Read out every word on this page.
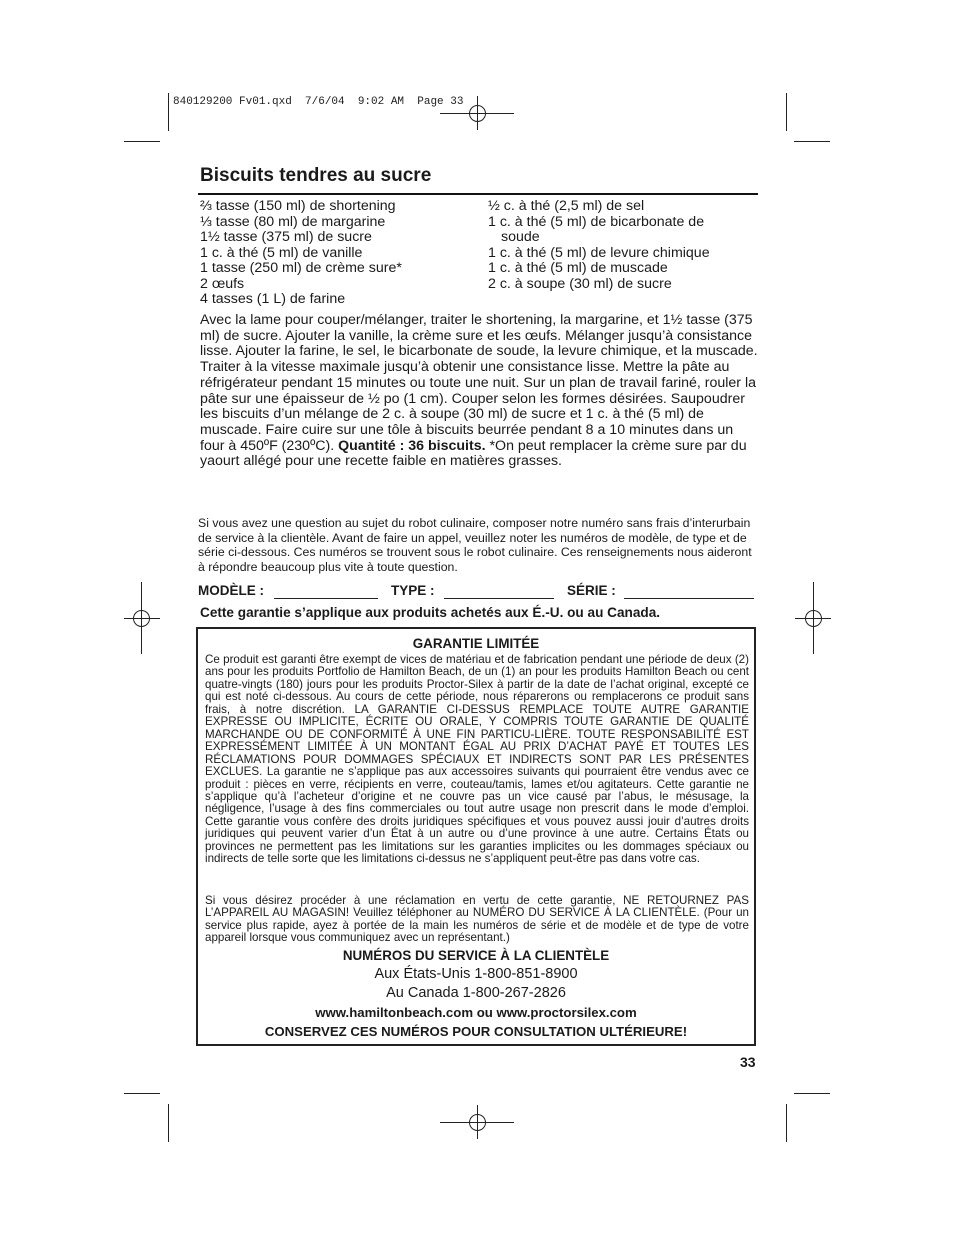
840129200 Fv01.qxd  7/6/04  9:02 AM  Page 33
Biscuits tendres au sucre
⅔ tasse (150 ml) de shortening
⅓ tasse (80 ml) de margarine
1½ tasse (375 ml) de sucre
1 c. à thé (5 ml) de vanille
1 tasse (250 ml) de crème sure*
2 œufs
4 tasses (1 L) de farine
½ c. à thé (2,5 ml) de sel
1 c. à thé (5 ml) de bicarbonate de
soude
1 c. à thé (5 ml) de levure chimique
1 c. à thé (5 ml) de muscade
2 c. à soupe (30 ml) de sucre
Avec la lame pour couper/mélanger, traiter le shortening, la margarine, et 1½ tasse (375 ml) de sucre. Ajouter la vanille, la crème sure et les œufs. Mélanger jusqu’à consistance lisse. Ajouter la farine, le sel, le bicarbonate de soude, la levure chimique, et la muscade. Traiter à la vitesse maximale jusqu’à obtenir une consistance lisse. Mettre la pâte au réfrigérateur pendant 15 minutes ou toute une nuit. Sur un plan de travail fariné, rouler la pâte sur une épaisseur de ½ po (1 cm). Couper selon les formes désirées. Saupoudrer les biscuits d’un mélange de 2 c. à soupe (30 ml) de sucre et 1 c. à thé (5 ml) de muscade. Faire cuire sur une tôle à biscuits beurrée pendant 8 a 10 minutes dans un four à 450ºF (230ºC). Quantité : 36 biscuits. *On peut remplacer la crème sure par du yaourt allégé pour une recette faible en matières grasses.
Si vous avez une question au sujet du robot culinaire, composer notre numéro sans frais d’interurbain de service à la clientèle. Avant de faire un appel, veuillez noter les numéros de modèle, de type et de série ci-dessous. Ces numéros se trouvent sous le robot culinaire. Ces renseignements nous aideront à répondre beaucoup plus vite à toute question.
MODÈLE :	TYPE :	SÉRIE :
Cette garantie s’applique aux produits achetés aux É.-U. ou au Canada.
GARANTIE LIMITÉE
Ce produit est garanti être exempt de vices de matériau et de fabrication pendant une période de deux (2) ans pour les produits Portfolio de Hamilton Beach, de un (1) an pour les produits Hamilton Beach ou cent quatre-vingts (180) jours pour les produits Proctor-Silex à partir de la date de l’achat original, excepté ce qui est noté ci-dessous. Au cours de cette période, nous réparerons ou remplacerons ce produit sans frais, à notre discrétion. LA GARANTIE CI-DESSUS REMPLACE TOUTE AUTRE GARANTIE EXPRESSE OU IMPLICITE, ÉCRITE OU ORALE, Y COMPRIS TOUTE GARANTIE DE QUALITÉ MARCHANDE OU DE CONFORMITÉ À UNE FIN PARTICU-LIÈRE. TOUTE RESPONSABILITÉ EST EXPRESSÉMENT LIMITÉE À UN MONTANT ÉGAL AU PRIX D’ACHAT PAYÉ ET TOUTES LES RÉCLAMATIONS POUR DOMMAGES SPÉCIAUX ET INDIRECTS SONT PAR LES PRÉSENTES EXCLUES. La garantie ne s’applique pas aux accessoires suivants qui pourraient être vendus avec ce produit : pièces en verre, récipients en verre, couteau/tamis, lames et/ou agitateurs. Cette garantie ne s’applique qu’à l’acheteur d’origine et ne couvre pas un vice causé par l’abus, le mésusage, la négligence, l’usage à des fins commerciales ou tout autre usage non prescrit dans le mode d’emploi. Cette garantie vous confère des droits juridiques spécifiques et vous pouvez aussi jouir d’autres droits juridiques qui peuvent varier d’un État à un autre ou d’une province à une autre. Certains États ou provinces ne permettent pas les limitations sur les garanties implicites ou les dommages spéciaux ou indirects de telle sorte que les limitations ci-dessus ne s’appliquent peut-être pas dans votre cas.
Si vous désirez procéder à une réclamation en vertu de cette garantie, NE RETOURNEZ PAS L’APPAREIL AU MAGASIN! Veuillez téléphoner au NUMÉRO DU SERVICE À LA CLIENTÈLE. (Pour un service plus rapide, ayez à portée de la main les numéros de série et de modèle et de type de votre appareil lorsque vous communiquez avec un représentant.)
NUMÉROS DU SERVICE À LA CLIENTÈLE
Aux États-Unis 1-800-851-8900
Au Canada 1-800-267-2826
www.hamiltonbeach.com ou www.proctorsilex.com
CONSERVEZ CES NUMÉROS POUR CONSULTATION ULTÉRIEURE!
33
